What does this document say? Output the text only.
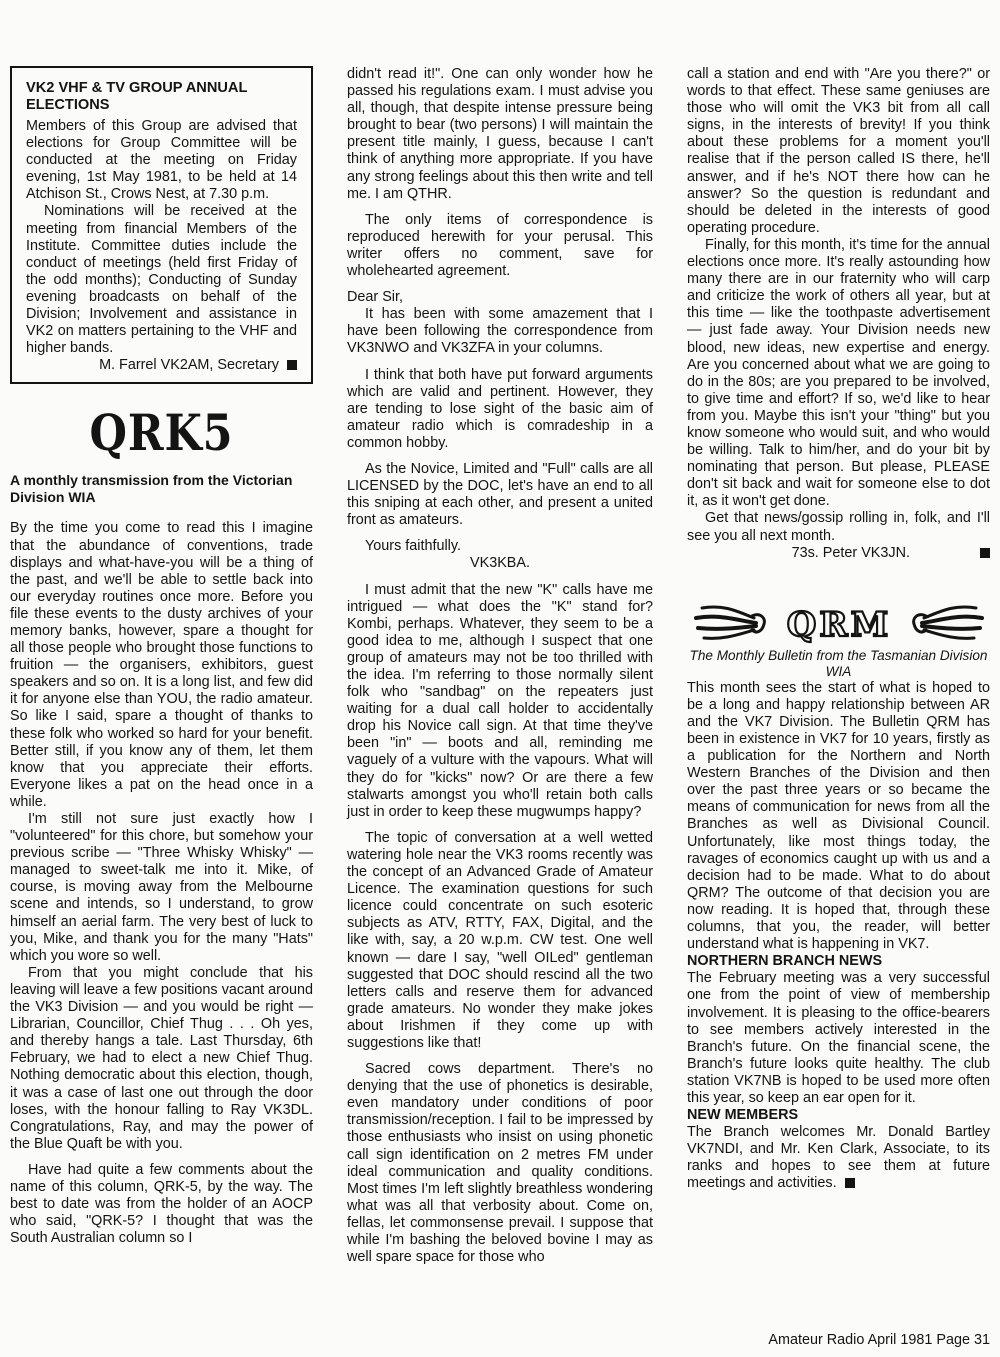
VK2 VHF & TV GROUP ANNUAL ELECTIONS

Members of this Group are advised that elections for Group Committee will be conducted at the meeting on Friday evening, 1st May 1981, to be held at 14 Atchison St., Crows Nest, at 7.30 p.m.

Nominations will be received at the meeting from financial Members of the Institute. Committee duties include the conduct of meetings (held first Friday of the odd months); Conducting of Sunday evening broadcasts on behalf of the Division; Involvement and assistance in VK2 on matters pertaining to the VHF and higher bands.

M. Farrel VK2AM, Secretary

QRK5
A monthly transmission from the Victorian Division WIA

By the time you come to read this I imagine that the abundance of conventions, trade displays and what-have-you will be a thing of the past, and we'll be able to settle back into our everyday routines once more. Before you file these events to the dusty archives of your memory banks, however, spare a thought for all those people who brought those functions to fruition — the organisers, exhibitors, guest speakers and so on. It is a long list, and few did it for anyone else than YOU, the radio amateur. So like I said, spare a thought of thanks to these folk who worked so hard for your benefit. Better still, if you know any of them, let them know that you appreciate their efforts. Everyone likes a pat on the head once in a while.

I'm still not sure just exactly how I "volunteered" for this chore, but somehow your previous scribe — "Three Whisky Whisky" — managed to sweet-talk me into it. Mike, of course, is moving away from the Melbourne scene and intends, so I understand, to grow himself an aerial farm. The very best of luck to you, Mike, and thank you for the many "Hats" which you wore so well.

From that you might conclude that his leaving will leave a few positions vacant around the VK3 Division — and you would be right — Librarian, Councillor, Chief Thug . . . Oh yes, and thereby hangs a tale. Last Thursday, 6th February, we had to elect a new Chief Thug. Nothing democratic about this election, though, it was a case of last one out through the door loses, with the honour falling to Ray VK3DL. Congratulations, Ray, and may the power of the Blue Quaft be with you.

Have had quite a few comments about the name of this column, QRK-5, by the way. The best to date was from the holder of an AOCP who said, "QRK-5? I thought that was the South Australian column so I

didn't read it!". One can only wonder how he passed his regulations exam. I must advise you all, though, that despite intense pressure being brought to bear (two persons) I will maintain the present title mainly, I guess, because I can't think of anything more appropriate. If you have any strong feelings about this then write and tell me. I am QTHR.

The only items of correspondence is reproduced herewith for your perusal. This writer offers no comment, save for wholehearted agreement.

Dear Sir,

It has been with some amazement that I have been following the correspondence from VK3NWO and VK3ZFA in your columns.

I think that both have put forward arguments which are valid and pertinent. However, they are tending to lose sight of the basic aim of amateur radio which is comradeship in a common hobby.

As the Novice, Limited and "Full" calls are all LICENSED by the DOC, let's have an end to all this sniping at each other, and present a united front as amateurs.

Yours faithfully.

VK3KBA.

I must admit that the new "K" calls have me intrigued — what does the "K" stand for? Kombi, perhaps. Whatever, they seem to be a good idea to me, although I suspect that one group of amateurs may not be too thrilled with the idea. I'm referring to those normally silent folk who "sandbag" on the repeaters just waiting for a dual call holder to accidentally drop his Novice call sign. At that time they've been "in" — boots and all, reminding me vaguely of a vulture with the vapours. What will they do for "kicks" now? Or are there a few stalwarts amongst you who'll retain both calls just in order to keep these mugwumps happy?

The topic of conversation at a well wetted watering hole near the VK3 rooms recently was the concept of an Advanced Grade of Amateur Licence. The examination questions for such licence could concentrate on such esoteric subjects as ATV, RTTY, FAX, Digital, and the like with, say, a 20 w.p.m. CW test. One well known — dare I say, "well OILed" gentleman suggested that DOC should rescind all the two letters calls and reserve them for advanced grade amateurs. No wonder they make jokes about Irishmen if they come up with suggestions like that!

Sacred cows department. There's no denying that the use of phonetics is desirable, even mandatory under conditions of poor transmission/reception. I fail to be impressed by those enthusiasts who insist on using phonetic call sign identification on 2 metres FM under ideal communication and quality conditions. Most times I'm left slightly breathless wondering what was all that verbosity about. Come on, fellas, let commonsense prevail. I suppose that while I'm bashing the beloved bovine I may as well spare space for those who

call a station and end with "Are you there?" or words to that effect. These same geniuses are those who will omit the VK3 bit from all call signs, in the interests of brevity! If you think about these problems for a moment you'll realise that if the person called IS there, he'll answer, and if he's NOT there how can he answer? So the question is redundant and should be deleted in the interests of good operating procedure.

Finally, for this month, it's time for the annual elections once more. It's really astounding how many there are in our fraternity who will carp and criticize the work of others all year, but at this time — like the toothpaste advertisement — just fade away. Your Division needs new blood, new ideas, new expertise and energy. Are you concerned about what we are going to do in the 80s; are you prepared to be involved, to give time and effort? If so, we'd like to hear from you. Maybe this isn't your "thing" but you know someone who would suit, and who would be willing. Talk to him/her, and do your bit by nominating that person. But please, PLEASE don't sit back and wait for someone else to dot it, as it won't get done.

Get that news/gossip rolling in, folk, and I'll see you all next month.

73s. Peter VK3JN.

QRM

The Monthly Bulletin from the Tasmanian Division WIA

This month sees the start of what is hoped to be a long and happy relationship between AR and the VK7 Division. The Bulletin QRM has been in existence in VK7 for 10 years, firstly as a publication for the Northern and North Western Branches of the Division and then over the past three years or so became the means of communication for news from all the Branches as well as Divisional Council. Unfortunately, like most things today, the ravages of economics caught up with us and a decision had to be made. What to do about QRM? The outcome of that decision you are now reading. It is hoped that, through these columns, that you, the reader, will better understand what is happening in VK7.

NORTHERN BRANCH NEWS

The February meeting was a very successful one from the point of view of membership involvement. It is pleasing to the office-bearers to see members actively interested in the Branch's future. On the financial scene, the Branch's future looks quite healthy. The club station VK7NB is hoped to be used more often this year, so keep an ear open for it.

NEW MEMBERS

The Branch welcomes Mr. Donald Bartley VK7NDI, and Mr. Ken Clark, Associate, to its ranks and hopes to see them at future meetings and activities.

Amateur Radio April 1981 Page 31
